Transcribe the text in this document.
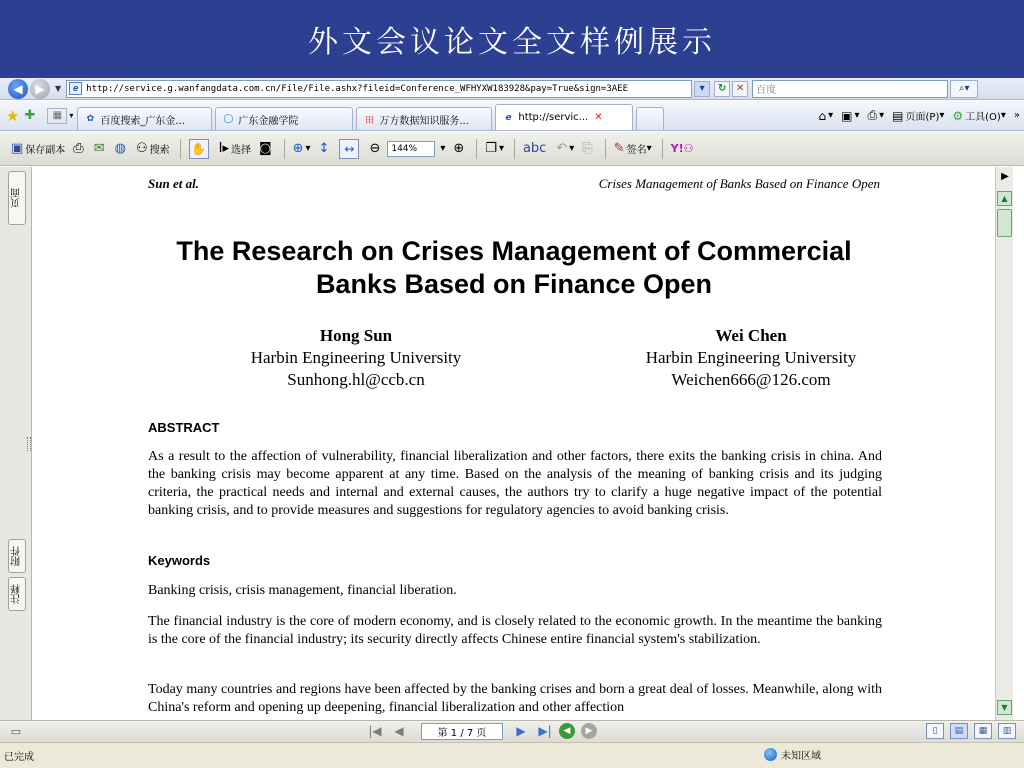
外文会议论文全文样例展示
◀	▶	▼	e http://service.g.wanfangdata.com.cn/File/File.ashx?fileid=Conference_WFHYXW183928&pay=True&sign=3AEE	▾	↻ ✕	百度	⌕▾
★ ✚	▦ ▾ ✿ 百度搜索_广东金...	◯ 广东金融学院	田 万方数据知识服务...	e http://servic... ✕	⌂ ▾ ▣ ▾ ⎙ ▾ ▤ 页面(P) ▾ ⚙ 工具(O) ▾ »
▣ 保存副本 ⎙ ✉ ◍ ⚇ 搜索 ✋ I▸ 选择 ◙ ⊕ ▾ ↕	↔	⊖ 144%	▾ ⊕ ❐ ▾ abc ↶ ▾ ⎘ ✎ 签名 ▾ Y!⚇
页面
附件
注释
Sun et al.	Crises Management of Banks Based on Finance Open
The Research on Crises Management of Commercial Banks Based on Finance Open
Hong Sun
Harbin Engineering University
Sunhong.hl@ccb.cn
Wei Chen
Harbin Engineering University
Weichen666@126.com
ABSTRACT
As a result to the affection of vulnerability, financial liberalization and other factors, there exits the banking crisis in china. And the banking crisis may become apparent at any time. Based on the analysis of the meaning of banking crisis and its judging criteria, the practical needs and internal and external causes, the authors try to clarify a huge negative impact of the potential banking crisis, and to provide measures and suggestions for regulatory agencies to avoid banking crisis.
Keywords
Banking crisis, crisis management, financial liberation.
The financial industry is the core of modern economy, and is closely related to the economic growth. In the meantime the banking is the core of the financial industry; its security directly affects Chinese entire financial system's stabilization.
Today many countries and regions have been affected by the banking crises and born a great deal of losses. Meanwhile, along with China's reform and opening up deepening, financial liberalization and other affection
▶
▲
▼
▭	|◀	◀	第 1 / 7 页	▶	▶|	◀	▶	▯	▤	▦	▥
已完成	未知区域
